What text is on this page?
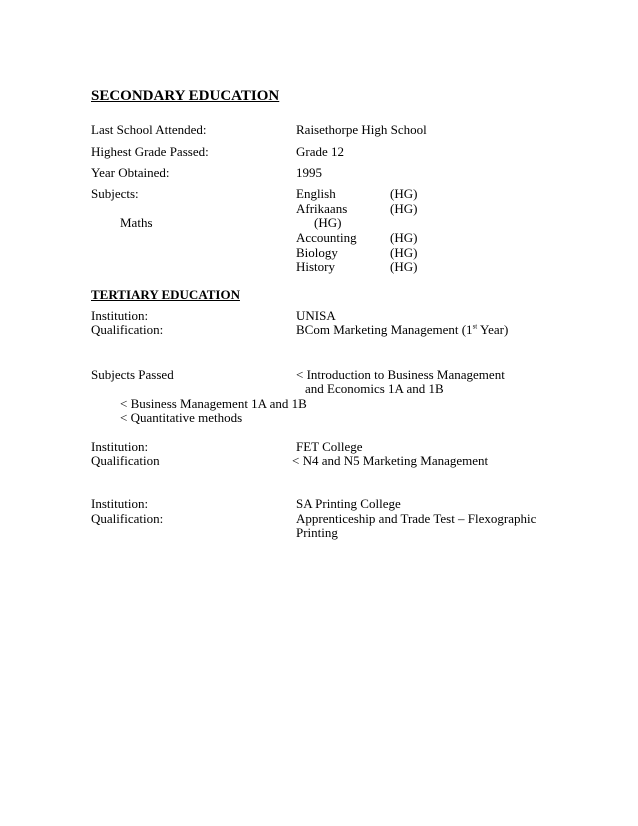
SECONDARY EDUCATION
Last School Attended:	Raisethorpe High School
Highest Grade Passed:	Grade 12
Year Obtained:	1995
Subjects:	English	(HG)
Afrikaans	(HG)
Maths	(HG)
Accounting	(HG)
Biology	(HG)
History	(HG)
TERTIARY EDUCATION
Institution:	UNISA
Qualification:	BCom Marketing Management (1st Year)
Subjects Passed	< Introduction to Business Management
and Economics 1A and 1B
< Business Management 1A and 1B
< Quantitative methods
Institution:	FET College
Qualification	< N4 and N5 Marketing Management
Institution:	SA Printing College
Qualification:	Apprenticeship and Trade Test – Flexographic
Printing
